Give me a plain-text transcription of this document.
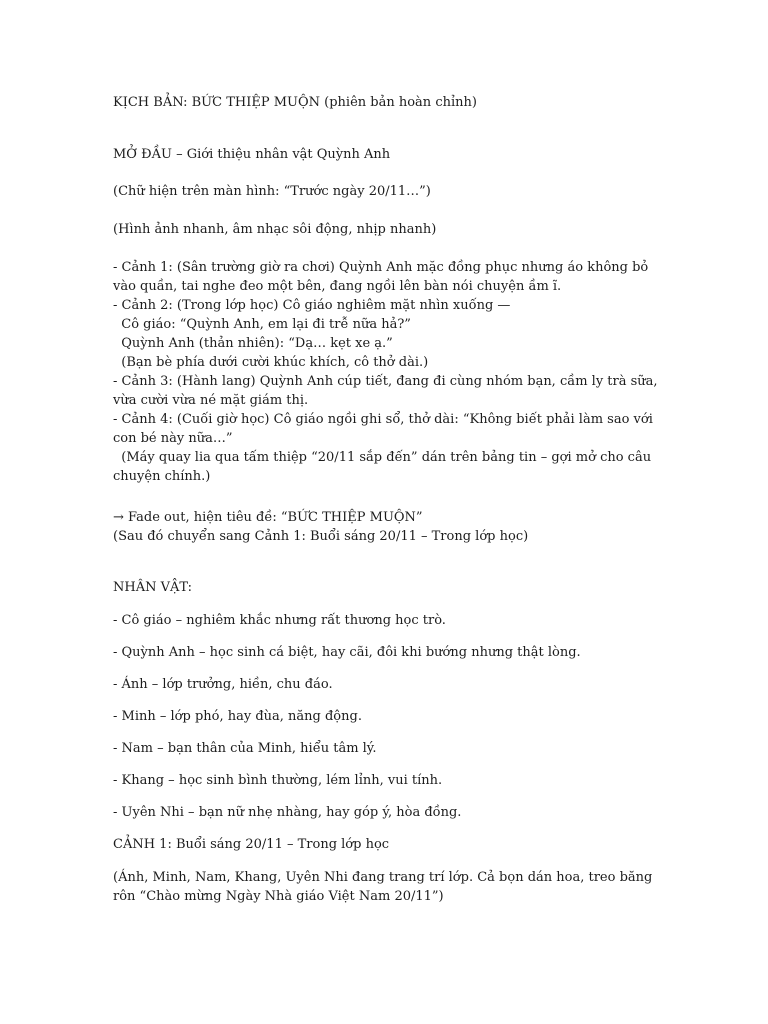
KỊCH BẢN: BỨC THIỆP MUỘN (phiên bản hoàn chỉnh)

MỞ ĐẦU – Giới thiệu nhân vật Quỳnh Anh

(Chữ hiện trên màn hình: “Trước ngày 20/11…”)

(Hình ảnh nhanh, âm nhạc sôi động, nhịp nhanh)

- Cảnh 1: (Sân trường giờ ra chơi) Quỳnh Anh mặc đồng phục nhưng áo không bỏ vào quần, tai nghe đeo một bên, đang ngồi lên bàn nói chuyện ầm ĩ.
- Cảnh 2: (Trong lớp học) Cô giáo nghiêm mặt nhìn xuống —
Cô giáo: “Quỳnh Anh, em lại đi trễ nữa hả?”
Quỳnh Anh (thản nhiên): “Dạ… kẹt xe ạ.”
(Bạn bè phía dưới cười khúc khích, cô thở dài.)
- Cảnh 3: (Hành lang) Quỳnh Anh cúp tiết, đang đi cùng nhóm bạn, cầm ly trà sữa, vừa cười vừa né mặt giám thị.
- Cảnh 4: (Cuối giờ học) Cô giáo ngồi ghi sổ, thở dài: “Không biết phải làm sao với con bé này nữa…”
(Máy quay lia qua tấm thiệp “20/11 sắp đến” dán trên bảng tin – gợi mở cho câu chuyện chính.)

→ Fade out, hiện tiêu đề: “BỨC THIỆP MUỘN”
(Sau đó chuyển sang Cảnh 1: Buổi sáng 20/11 – Trong lớp học)

NHÂN VẬT:

- Cô giáo – nghiêm khắc nhưng rất thương học trò.

- Quỳnh Anh – học sinh cá biệt, hay cãi, đôi khi bướng nhưng thật lòng.

- Ánh – lớp trưởng, hiền, chu đáo.

- Minh – lớp phó, hay đùa, năng động.

- Nam – bạn thân của Minh, hiểu tâm lý.

- Khang – học sinh bình thường, lém lỉnh, vui tính.

- Uyên Nhi – bạn nữ nhẹ nhàng, hay góp ý, hòa đồng.

CẢNH 1: Buổi sáng 20/11 – Trong lớp học

(Ánh, Minh, Nam, Khang, Uyên Nhi đang trang trí lớp. Cả bọn dán hoa, treo băng rôn “Chào mừng Ngày Nhà giáo Việt Nam 20/11”)
